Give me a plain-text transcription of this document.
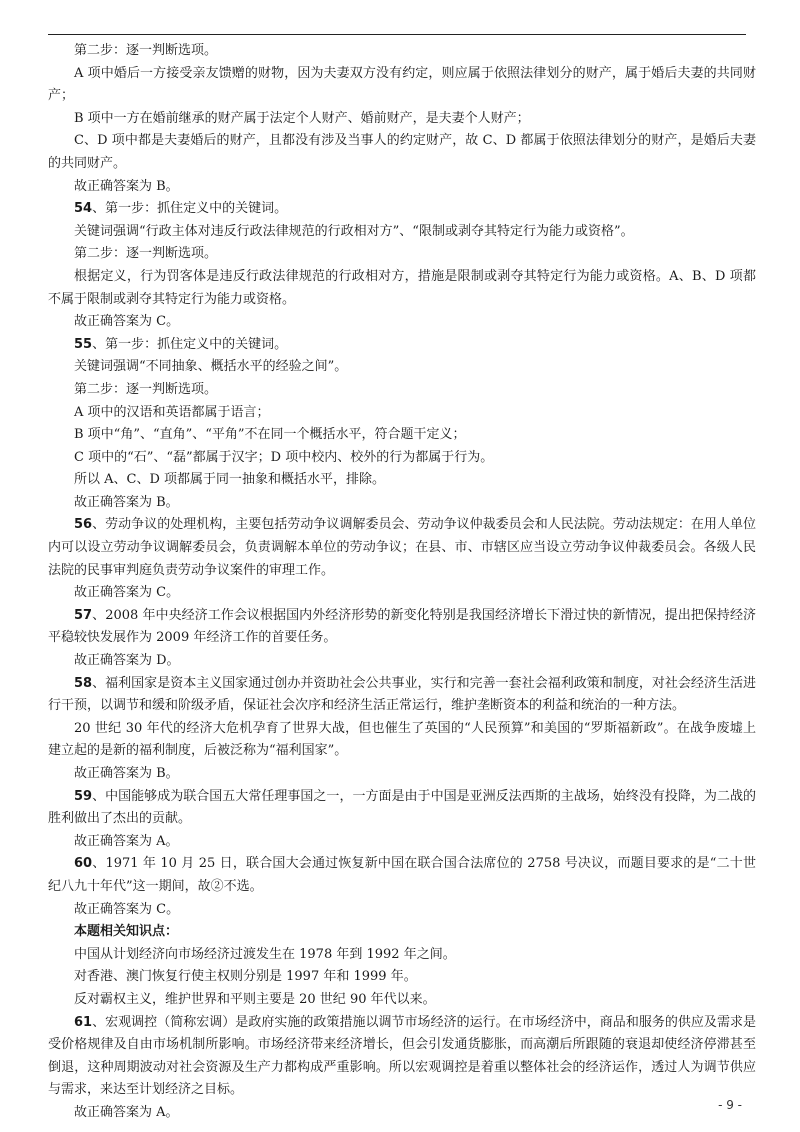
第二步：逐一判断选项。

A 项中婚后一方接受亲友馈赠的财物，因为夫妻双方没有约定，则应属于依照法律划分的财产，属于婚后夫妻的共同财产；

B 项中一方在婚前继承的财产属于法定个人财产、婚前财产，是夫妻个人财产；

C、D 项中都是夫妻婚后的财产，且都没有涉及当事人的约定财产，故 C、D 都属于依照法律划分的财产，是婚后夫妻的共同财产。

故正确答案为 B。

54、第一步：抓住定义中的关键词。

关键词强调“行政主体对违反行政法律规范的行政相对方”、“限制或剥夺其特定行为能力或资格”。

第二步：逐一判断选项。

根据定义，行为罚客体是违反行政法律规范的行政相对方，措施是限制或剥夺其特定行为能力或资格。A、B、D 项都不属于限制或剥夺其特定行为能力或资格。

故正确答案为 C。

55、第一步：抓住定义中的关键词。

关键词强调“不同抽象、概括水平的经验之间”。

第二步：逐一判断选项。

A 项中的汉语和英语都属于语言；

B 项中“角”、“直角”、“平角”不在同一个概括水平，符合题干定义；

C 项中的“石”、“磊”都属于汉字；D 项中校内、校外的行为都属于行为。

所以 A、C、D 项都属于同一抽象和概括水平，排除。

故正确答案为 B。

56、劳动争议的处理机构，主要包括劳动争议调解委员会、劳动争议仲裁委员会和人民法院。劳动法规定：在用人单位内可以设立劳动争议调解委员会，负责调解本单位的劳动争议；在县、市、市辖区应当设立劳动争议仲裁委员会。各级人民法院的民事审判庭负责劳动争议案件的审理工作。

故正确答案为 C。

57、2008 年中央经济工作会议根据国内外经济形势的新变化特别是我国经济增长下滑过快的新情况，提出把保持经济平稳较快发展作为 2009 年经济工作的首要任务。

故正确答案为 D。

58、福利国家是资本主义国家通过创办并资助社会公共事业，实行和完善一套社会福利政策和制度，对社会经济生活进行干预，以调节和缓和阶级矛盾，保证社会次序和经济生活正常运行，维护垄断资本的利益和统治的一种方法。

20 世纪 30 年代的经济大危机孕育了世界大战，但也催生了英国的“人民预算”和美国的“罗斯福新政”。在战争废墟上建立起的是新的福利制度，后被泛称为“福利国家”。

故正确答案为 B。

59、中国能够成为联合国五大常任理事国之一，一方面是由于中国是亚洲反法西斯的主战场，始终没有投降，为二战的胜利做出了杰出的贡献。

故正确答案为 A。

60、1971 年 10 月 25 日，联合国大会通过恢复新中国在联合国合法席位的 2758 号决议，而题目要求的是“二十世纪八九十年代”这一期间，故②不选。

故正确答案为 C。

本题相关知识点：

中国从计划经济向市场经济过渡发生在 1978 年到 1992 年之间。

对香港、澳门恢复行使主权则分别是 1997 年和 1999 年。

反对霸权主义，维护世界和平则主要是 20 世纪 90 年代以来。

61、宏观调控（简称宏调）是政府实施的政策措施以调节市场经济的运行。在市场经济中，商品和服务的供应及需求是受价格规律及自由市场机制所影响。市场经济带来经济增长，但会引发通货膨胀，而高潮后所跟随的衰退却使经济停滞甚至倒退，这种周期波动对社会资源及生产力都构成严重影响。所以宏观调控是着重以整体社会的经济运作，透过人为调节供应与需求，来达至计划经济之目标。

故正确答案为 A。	- 9 -
